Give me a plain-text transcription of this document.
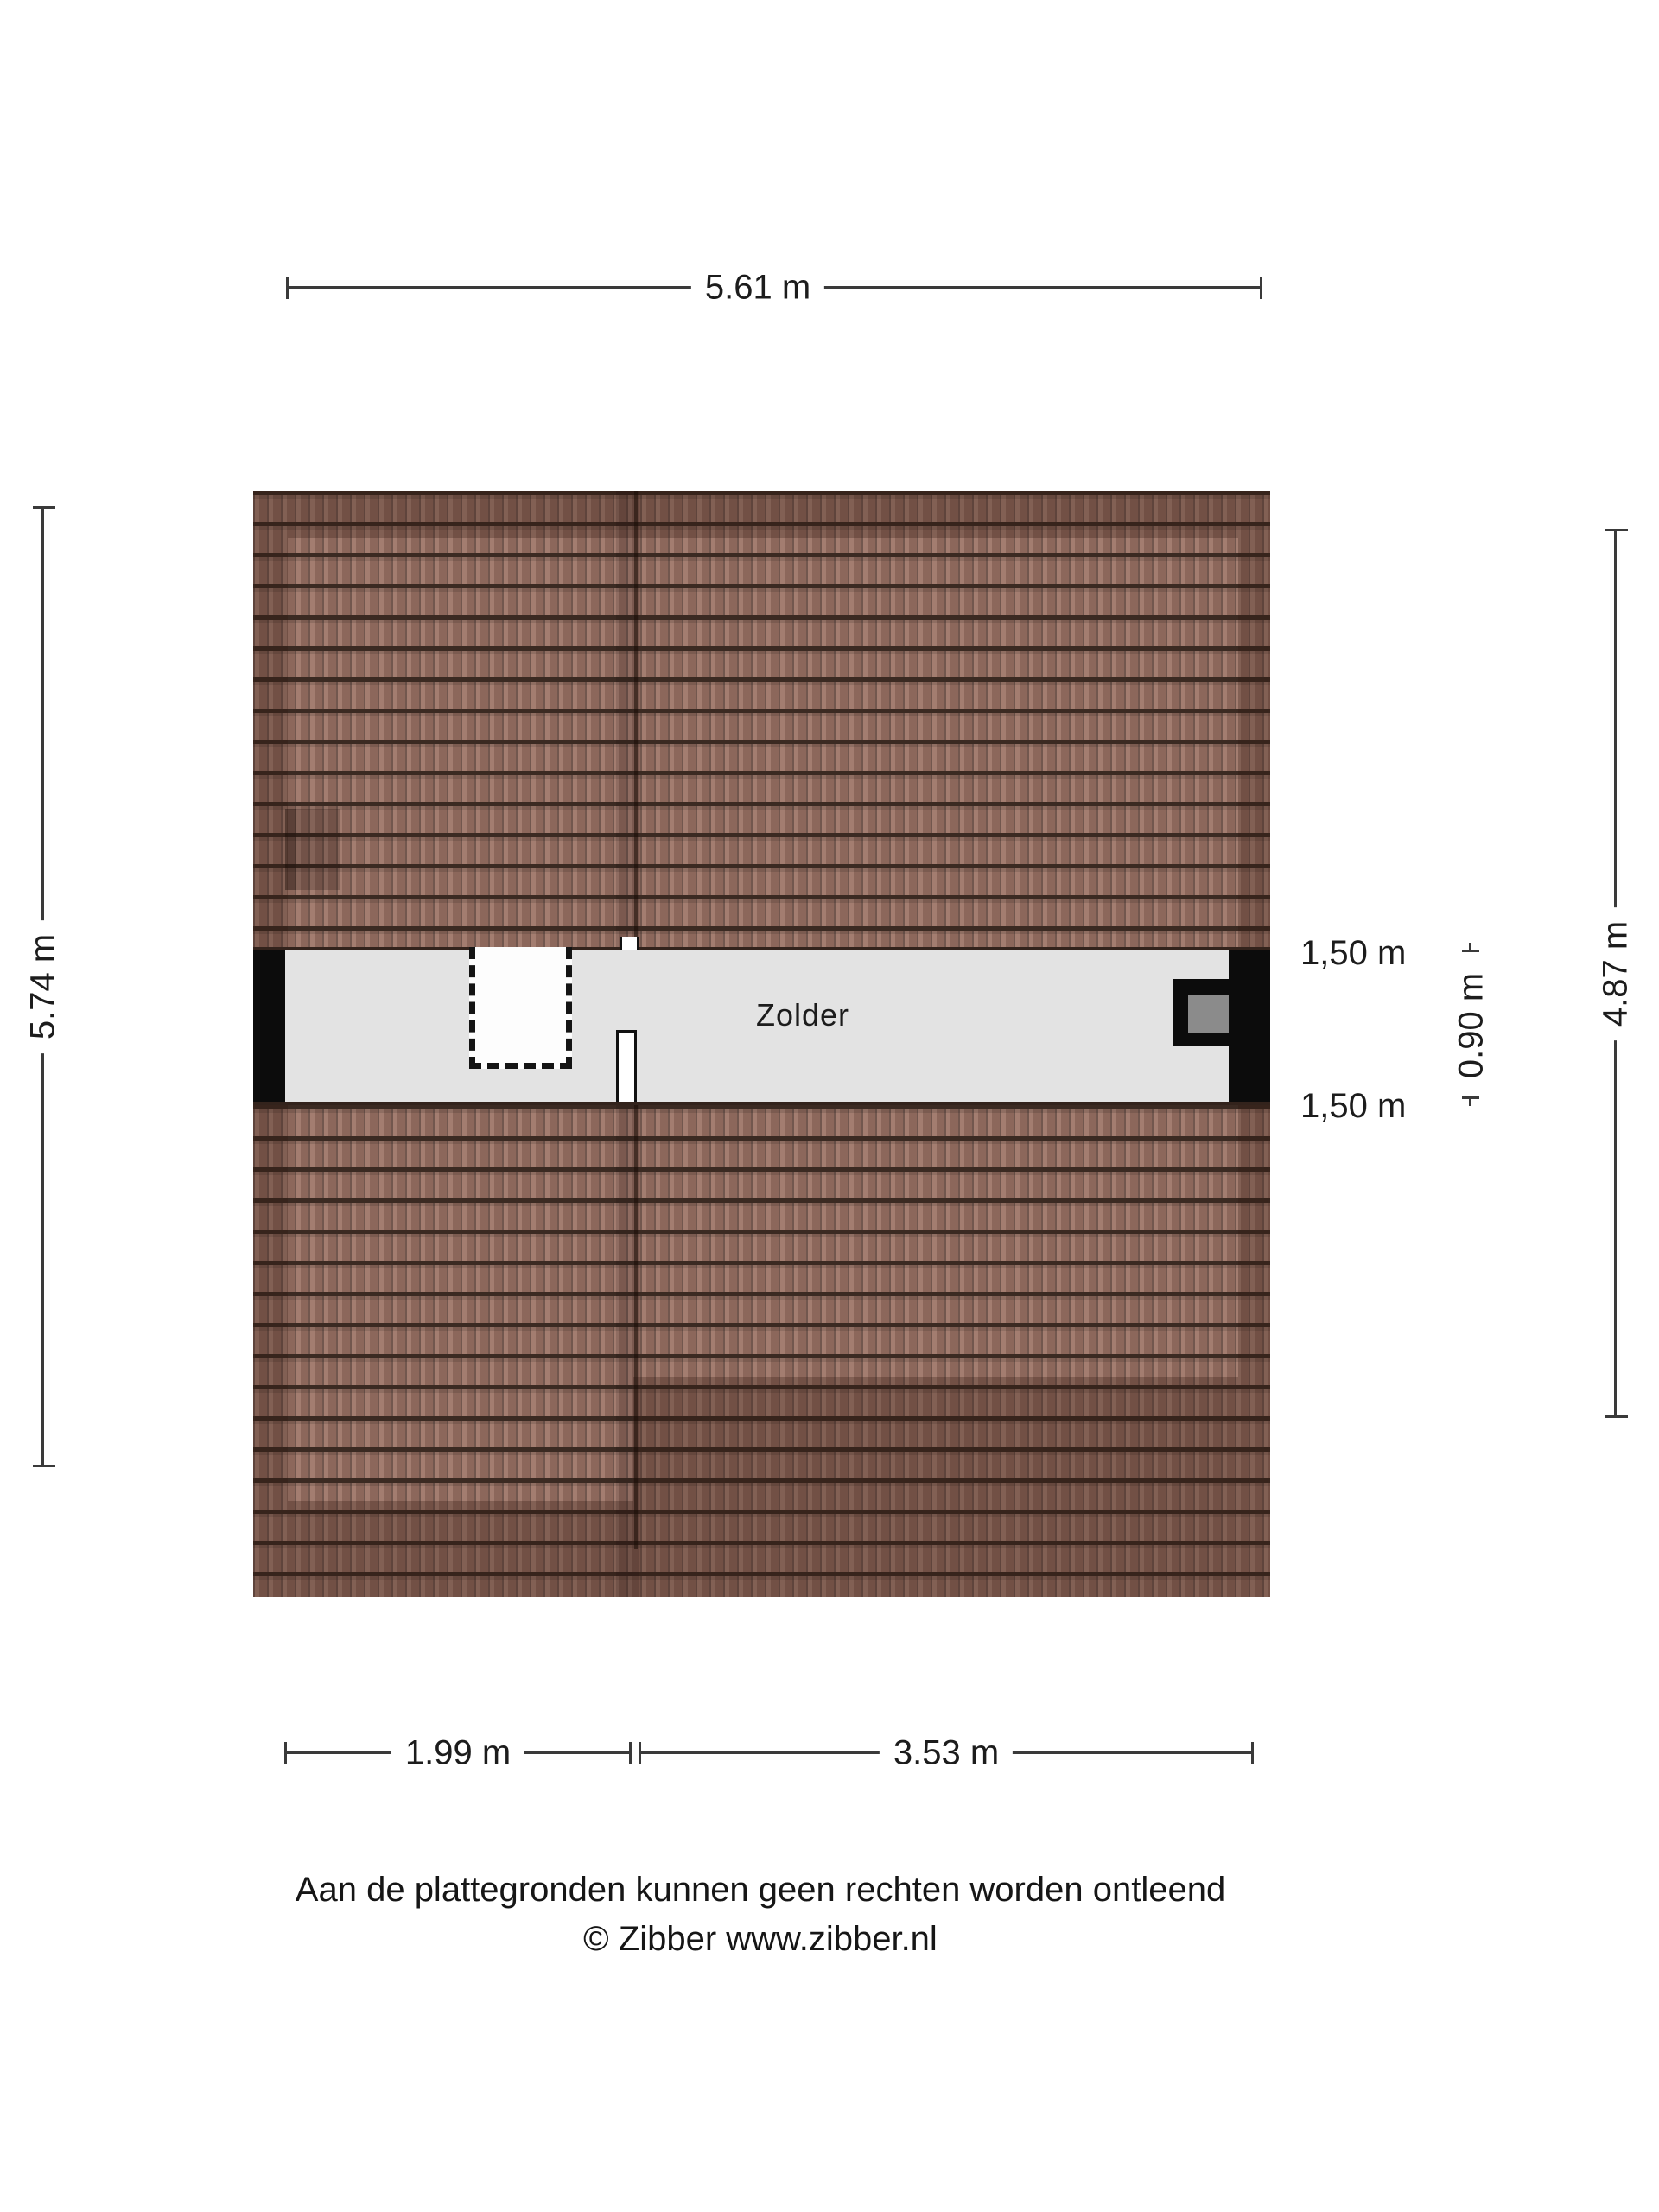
Zolder
5.61 m
5.74 m	4.87 m
1,50 m
1,50 m
0.90 m
1.99 m	3.53 m
Aan de plattegronden kunnen geen rechten worden ontleend
© Zibber www.zibber.nl
